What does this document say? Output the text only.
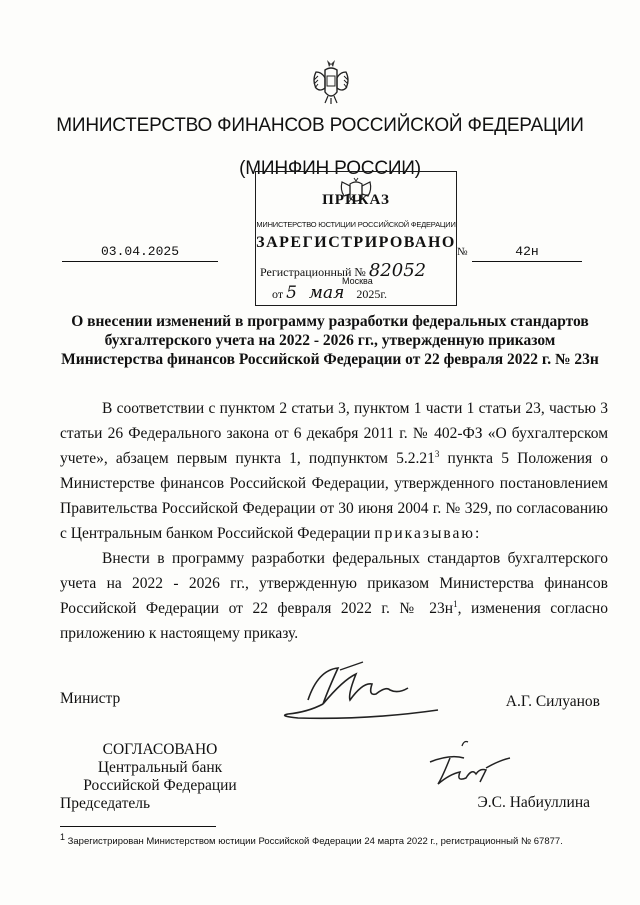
МИНИСТЕРСТВО ФИНАНСОВ РОССИЙСКОЙ ФЕДЕРАЦИИ
(МИНФИН РОССИИ)
ПРИКАЗ
МИНИСТЕРСТВО ЮСТИЦИИ РОССИЙСКОЙ ФЕДЕРАЦИИ
ЗАРЕГИСТРИРОВАНО
Регистрационный № 82052
Москва
от 5 мая 2025г.
03.04.2025	№	42н
О внесении изменений в программу разработки федеральных стандартов бухгалтерского учета на 2022 - 2026 гг., утвержденную приказом Министерства финансов Российской Федерации от 22 февраля 2022 г. № 23н

В соответствии с пунктом 2 статьи 3, пунктом 1 части 1 статьи 23, частью 3 статьи 26 Федерального закона от 6 декабря 2011 г. № 402-ФЗ «О бухгалтерском учете», абзацем первым пункта 1, подпунктом 5.2.21$^3$ пункта 5 Положения о Министерстве финансов Российской Федерации, утвержденного постановлением Правительства Российской Федерации от 30 июня 2004 г. № 329, по согласованию с Центральным банком Российской Федерации приказываю:

Внести в программу разработки федеральных стандартов бухгалтерского учета на 2022 - 2026 гг., утвержденную приказом Министерства финансов Российской Федерации от 22 февраля 2022 г. № $23н^1$, изменения согласно приложению к настоящему приказу.

Министр	А.Г. Силуанов
СОГЛАСОВАНО
Центральный банк
Российской Федерации
Председатель	Э.С. Набиуллина
$^1$ Зарегистрирован Министерством юстиции Российской Федерации 24 марта 2022 г., регистрационный № 67877.
